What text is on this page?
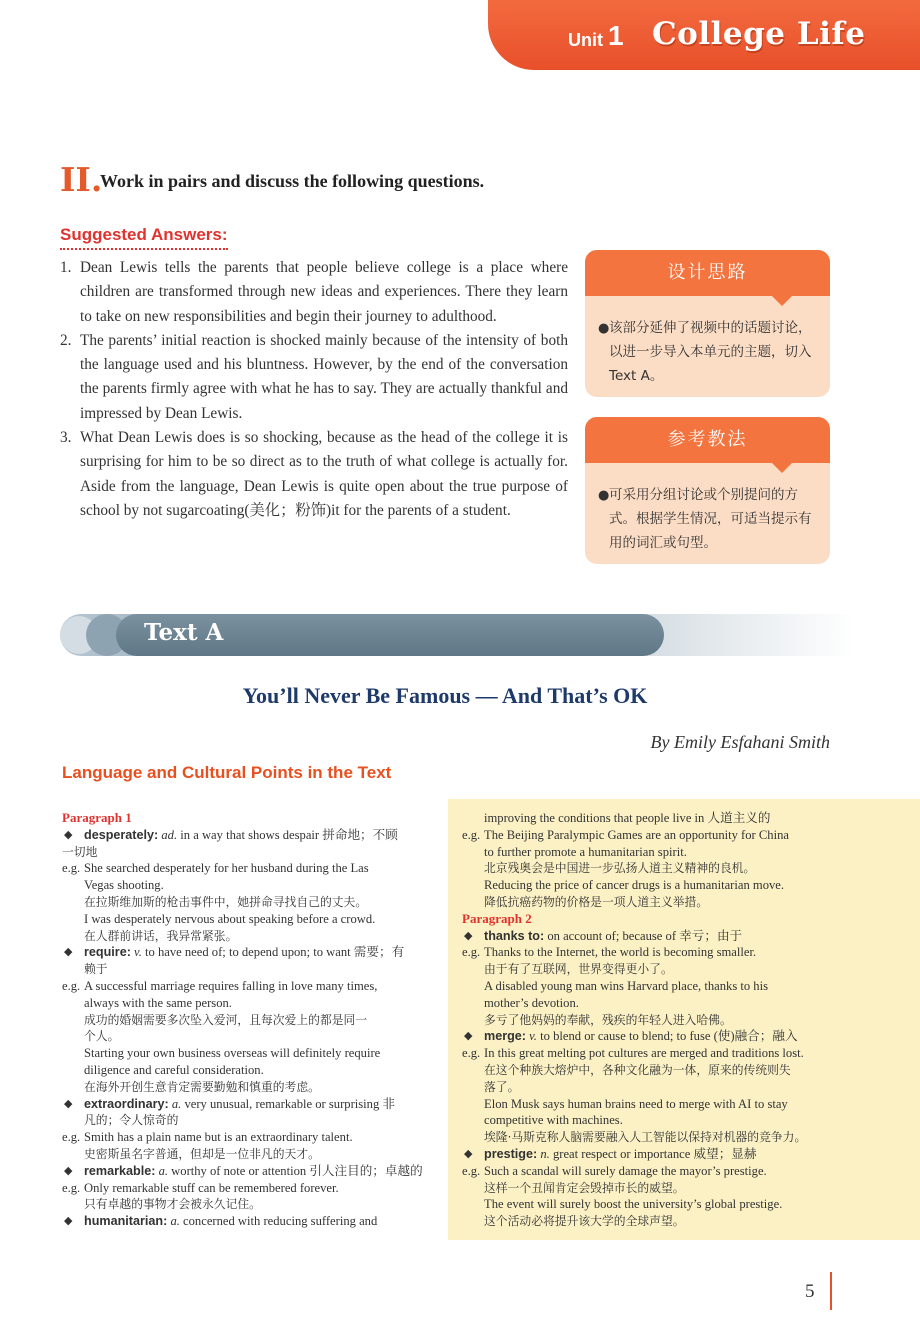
Unit 1 College Life
II.
Work in pairs and discuss the following questions.
Suggested Answers:
1. Dean Lewis tells the parents that people believe college is a place where children are transformed through new ideas and experiences. There they learn to take on new responsibilities and begin their journey to adulthood.
2. The parents’ initial reaction is shocked mainly because of the intensity of both the language used and his bluntness. However, by the end of the conversation the parents firmly agree with what he has to say. They are actually thankful and impressed by Dean Lewis.
3. What Dean Lewis does is so shocking, because as the head of the college it is surprising for him to be so direct as to the truth of what college is actually for. Aside from the language, Dean Lewis is quite open about the true purpose of school by not sugarcoating(美化；粉饰)it for the parents of a student.
设计思路
● 该部分延伸了视频中的话题讨论，以进一步导入本单元的主题，切入Text A。
参考教法
● 可采用分组讨论或个别提问的方式。根据学生情况，可适当提示有用的词汇或句型。
Text A
You’ll Never Be Famous — And That’s OK
By Emily Esfahani Smith
Language and Cultural Points in the Text
Paragraph 1
◆ desperately: ad. in a way that shows despair 拼命地；不顾
一切地
e.g. She searched desperately for her husband during the Las
Vegas shooting.
在拉斯维加斯的枪击事件中，她拼命寻找自己的丈夫。
I was desperately nervous about speaking before a crowd.
在人群前讲话，我异常紧张。
◆ require: v. to have need of; to depend upon; to want 需要；有
赖于
e.g. A successful marriage requires falling in love many times,
always with the same person.
成功的婚姻需要多次坠入爱河，且每次爱上的都是同一
个人。
Starting your own business overseas will definitely require
diligence and careful consideration.
在海外开创生意肯定需要勤勉和慎重的考虑。
◆ extraordinary: a. very unusual, remarkable or surprising 非
凡的；令人惊奇的
e.g. Smith has a plain name but is an extraordinary talent.
史密斯虽名字普通，但却是一位非凡的天才。
◆ remarkable: a. worthy of note or attention 引人注目的；卓越的
e.g. Only remarkable stuff can be remembered forever.
只有卓越的事物才会被永久记住。
◆ humanitarian: a. concerned with reducing suffering and
improving the conditions that people live in 人道主义的
e.g. The Beijing Paralympic Games are an opportunity for China
to further promote a humanitarian spirit.
北京残奥会是中国进一步弘扬人道主义精神的良机。
Reducing the price of cancer drugs is a humanitarian move.
降低抗癌药物的价格是一项人道主义举措。
Paragraph 2
◆ thanks to: on account of; because of 幸亏；由于
e.g. Thanks to the Internet, the world is becoming smaller.
由于有了互联网，世界变得更小了。
A disabled young man wins Harvard place, thanks to his
mother’s devotion.
多亏了他妈妈的奉献，残疾的年轻人进入哈佛。
◆ merge: v. to blend or cause to blend; to fuse (使)融合；融入
e.g. In this great melting pot cultures are merged and traditions lost.
在这个种族大熔炉中，各种文化融为一体，原来的传统则失
落了。
Elon Musk says human brains need to merge with AI to stay
competitive with machines.
埃隆·马斯克称人脑需要融入人工智能以保持对机器的竞争力。
◆ prestige: n. great respect or importance 威望；显赫
e.g. Such a scandal will surely damage the mayor’s prestige.
这样一个丑闻肯定会毁掉市长的威望。
The event will surely boost the university’s global prestige.
这个活动必将提升该大学的全球声望。
5
